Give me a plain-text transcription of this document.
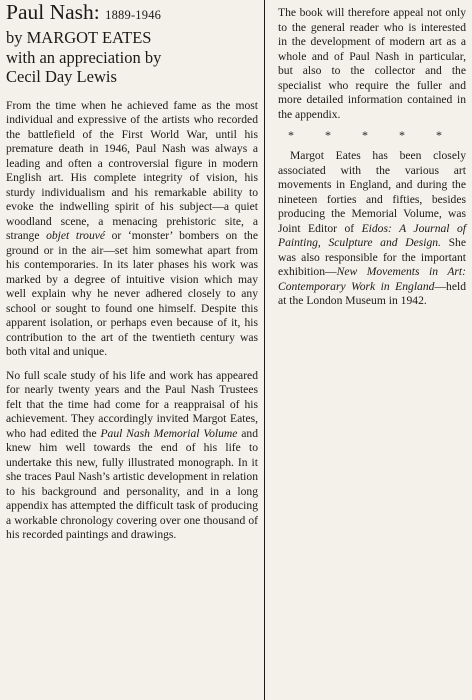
Paul Nash: 1889-1946

by MARGOT EATES

with an appreciation by

Cecil Day Lewis

From the time when he achieved fame as the most individual and expressive of the artists who recorded the battlefield of the First World War, until his premature death in 1946, Paul Nash was always a leading and often a controversial figure in modern English art. His complete integrity of vision, his sturdy individualism and his remarkable ability to evoke the indwelling spirit of his subject—a quiet woodland scene, a menacing prehistoric site, a strange objet trouvé or ‘monster’ bombers on the ground or in the air—set him somewhat apart from his contemporaries. In its later phases his work was marked by a degree of intuitive vision which may well explain why he never adhered closely to any school or sought to found one himself. Despite this apparent isolation, or perhaps even because of it, his contribution to the art of the twentieth century was both vital and unique.

No full scale study of his life and work has appeared for nearly twenty years and the Paul Nash Trustees felt that the time had come for a reappraisal of his achievement. They accordingly invited Margot Eates, who had edited the Paul Nash Memorial Volume and knew him well towards the end of his life to undertake this new, fully illustrated monograph. In it she traces Paul Nash’s artistic development in relation to his background and personality, and in a long appendix has attempted the difficult task of producing a workable chronology covering over one thousand of his recorded paintings and drawings.

The book will therefore appeal not only to the general reader who is interested in the development of modern art as a whole and of Paul Nash in particular, but also to the collector and the specialist who require the fuller and more detailed information contained in the appendix.

* * * * *

Margot Eates has been closely associated with the various art movements in England, and during the nineteen forties and fifties, besides producing the Memorial Volume, was Joint Editor of Eidos: A Journal of Painting, Sculpture and Design. She was also responsible for the important exhibition—New Movements in Art: Contemporary Work in England—held at the London Museum in 1942.
